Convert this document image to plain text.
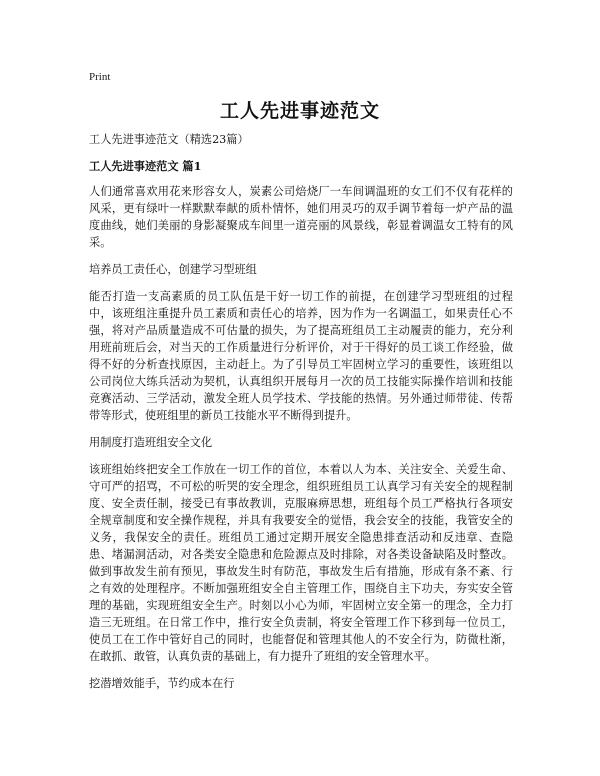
Print
工人先进事迹范文
工人先进事迹范文（精选23篇）
工人先进事迹范文 篇1
人们通常喜欢用花来形容女人，炭素公司焙烧厂一车间调温班的女工们不仅有花样的风采，更有绿叶一样默默奉献的质朴情怀，她们用灵巧的双手调节着每一炉产品的温度曲线，她们美丽的身影凝聚成车间里一道亮丽的风景线，彰显着调温女工特有的风采。
培养员工责任心，创建学习型班组
能否打造一支高素质的员工队伍是干好一切工作的前提，在创建学习型班组的过程中，该班组注重提升员工素质和责任心的培养，因为作为一名调温工，如果责任心不强，将对产品质量造成不可估量的损失，为了提高班组员工主动履责的能力，充分利用班前班后会，对当天的工作质量进行分析评价，对于干得好的员工谈工作经验，做得不好的分析查找原因，主动赶上。为了引导员工牢固树立学习的重要性，该班组以公司岗位大练兵活动为契机，认真组织开展每月一次的员工技能实际操作培训和技能竞赛活动、三学活动，激发全班人员学技术、学技能的热情。另外通过师带徒、传帮带等形式，使班组里的新员工技能水平不断得到提升。
用制度打造班组安全文化
该班组始终把安全工作放在一切工作的首位，本着以人为本、关注安全、关爱生命、守可严的招骂，不可松的听哭的安全理念，组织班组员工认真学习有关安全的规程制度、安全责任制，接受已有事故教训，克服麻痹思想，班组每个员工严格执行各项安全规章制度和安全操作规程，并具有我要安全的觉悟，我会安全的技能，我管安全的义务，我保安全的责任。班组员工通过定期开展安全隐患排查活动和反违章、查隐患、堵漏洞活动，对各类安全隐患和危险源点及时排除，对各类设备缺陷及时整改。做到事故发生前有预见，事故发生时有防范，事故发生后有措施，形成有条不紊、行之有效的处理程序。不断加强班组安全自主管理工作，围绕自主下功夫，夯实安全管理的基础，实现班组安全生产。时刻以小心为师，牢固树立安全第一的理念，全力打造三无班组。在日常工作中，推行安全负责制，将安全管理工作下移到每一位员工，使员工在工作中管好自己的同时，也能督促和管理其他人的不安全行为，防微杜渐，在敢抓、敢管，认真负责的基础上，有力提升了班组的安全管理水平。
挖潜增效能手，节约成本在行
